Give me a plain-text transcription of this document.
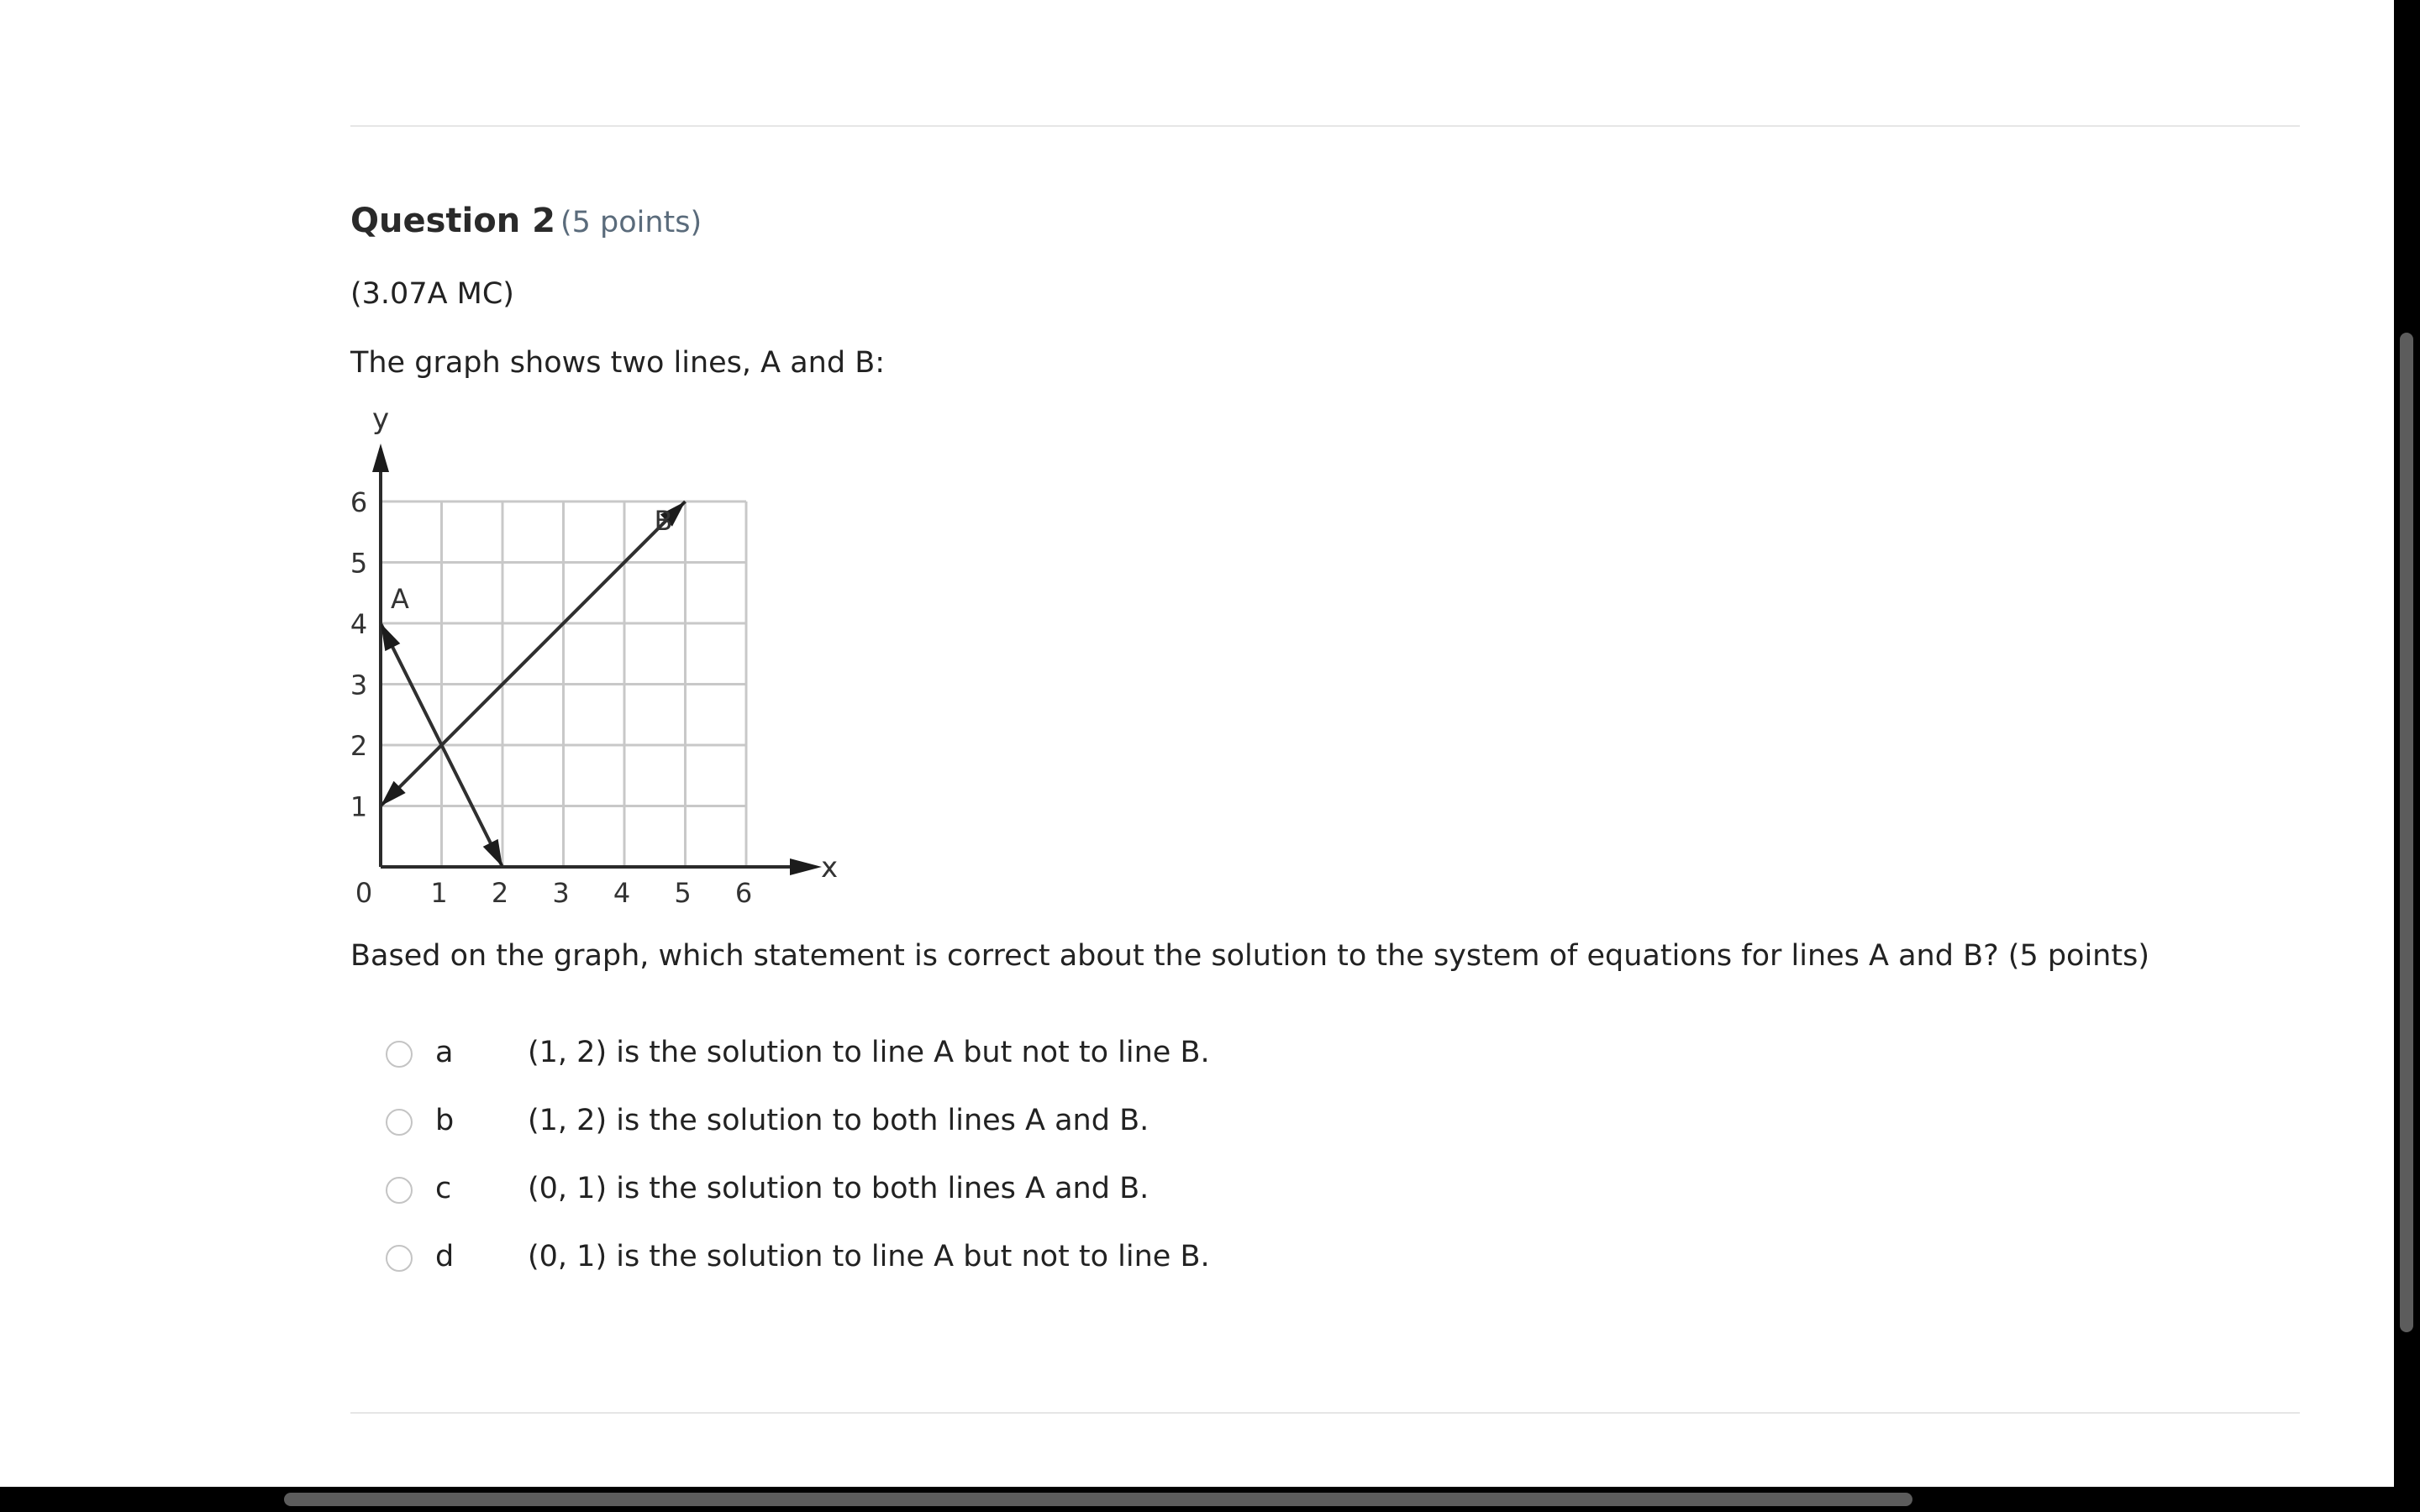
Question 2 (5 points)
(3.07A MC)
The graph shows two lines, A and B:
x
y
0 1 2 3 4 5 6
1
2
3
4
5
6
A
B
Based on the graph, which statement is correct about the solution to the system of equations for lines A and B? (5 points)
a	(1, 2) is the solution to line A but not to line B.
b	(1, 2) is the solution to both lines A and B.
c	(0, 1) is the solution to both lines A and B.
d	(0, 1) is the solution to line A but not to line B.
